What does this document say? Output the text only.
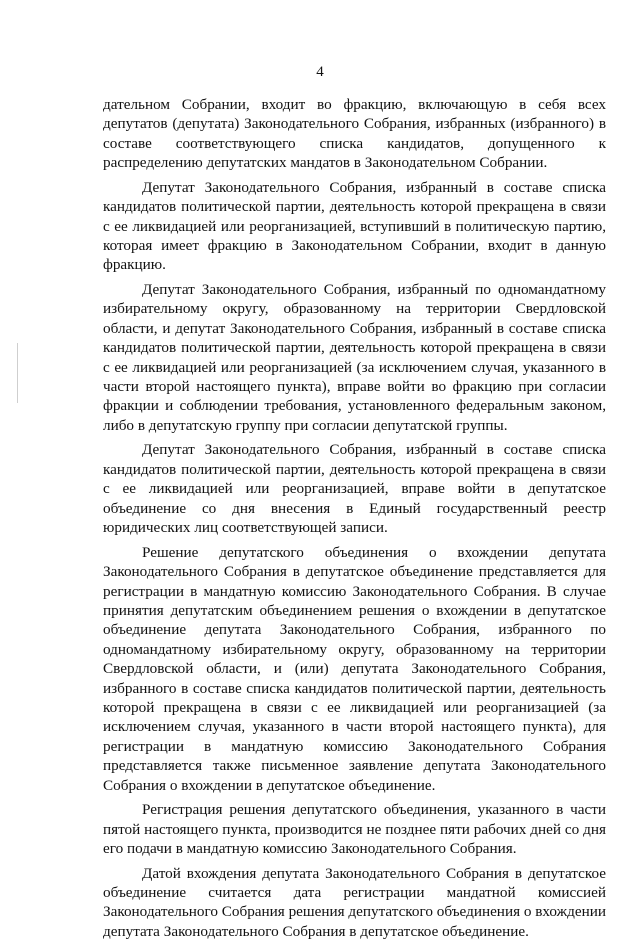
4

дательном Собрании, входит во фракцию, включающую в себя всех депутатов (депутата) Законодательного Собрания, избранных (избранного) в составе соответствующего списка кандидатов, допущенного к распределению депутатских мандатов в Законодательном Собрании.

Депутат Законодательного Собрания, избранный в составе списка кандидатов политической партии, деятельность которой прекращена в связи с ее ликвидацией или реорганизацией, вступивший в политическую партию, которая имеет фракцию в Законодательном Собрании, входит в данную фракцию.

Депутат Законодательного Собрания, избранный по одномандатному избирательному округу, образованному на территории Свердловской области, и депутат Законодательного Собрания, избранный в составе списка кандидатов политической партии, деятельность которой прекращена в связи с ее ликвидацией или реорганизацией (за исключением случая, указанного в части второй настоящего пункта), вправе войти во фракцию при согласии фракции и соблюдении требования, установленного федеральным законом, либо в депутатскую группу при согласии депутатской группы.

Депутат Законодательного Собрания, избранный в составе списка кандидатов политической партии, деятельность которой прекращена в связи с ее ликвидацией или реорганизацией, вправе войти в депутатское объединение со дня внесения в Единый государственный реестр юридических лиц соответствующей записи.

Решение депутатского объединения о вхождении депутата Законодательного Собрания в депутатское объединение представляется для регистрации в мандатную комиссию Законодательного Собрания. В случае принятия депутатским объединением решения о вхождении в депутатское объединение депутата Законодательного Собрания, избранного по одномандатному избирательному округу, образованному на территории Свердловской области, и (или) депутата Законодательного Собрания, избранного в составе списка кандидатов политической партии, деятельность которой прекращена в связи с ее ликвидацией или реорганизацией (за исключением случая, указанного в части второй настоящего пункта), для регистрации в мандатную комиссию Законодательного Собрания представляется также письменное заявление депутата Законодательного Собрания о вхождении в депутатское объединение.

Регистрация решения депутатского объединения, указанного в части пятой настоящего пункта, производится не позднее пяти рабочих дней со дня его подачи в мандатную комиссию Законодательного Собрания.

Датой вхождения депутата Законодательного Собрания в депутатское объединение считается дата регистрации мандатной комиссией Законодательного Собрания решения депутатского объединения о вхождении депутата Законодательного Собрания в депутатское объединение.
